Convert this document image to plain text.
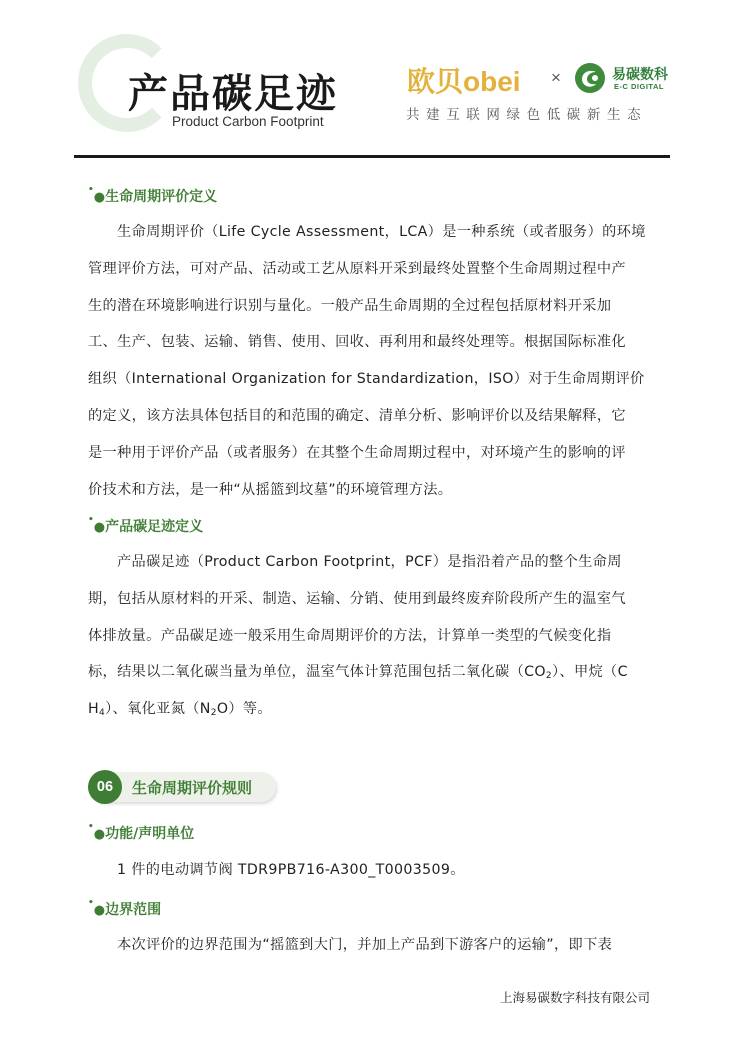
产品碳足迹
Product Carbon Footprint
欧贝obei ×	易碳数科
E-C DIGITAL
共建互联网绿色低碳新生态
•●生命周期评价定义
生命周期评价（Life Cycle Assessment，LCA）是一种系统（或者服务）的环境
管理评价方法，可对产品、活动或工艺从原料开采到最终处置整个生命周期过程中产
生的潜在环境影响进行识别与量化。一般产品生命周期的全过程包括原材料开采加
工、生产、包装、运输、销售、使用、回收、再利用和最终处理等。根据国际标准化
组织（International Organization for Standardization，ISO）对于生命周期评价
的定义，该方法具体包括目的和范围的确定、清单分析、影响评价以及结果解释，它
是一种用于评价产品（或者服务）在其整个生命周期过程中，对环境产生的影响的评
价技术和方法，是一种“从摇篮到坟墓”的环境管理方法。
•●产品碳足迹定义
产品碳足迹（Product Carbon Footprint，PCF）是指沿着产品的整个生命周
期，包括从原材料的开采、制造、运输、分销、使用到最终废弃阶段所产生的温室气
体排放量。产品碳足迹一般采用生命周期评价的方法，计算单一类型的气候变化指
标，结果以二氧化碳当量为单位，温室气体计算范围包括二氧化碳$(CO_2)$、甲烷（C
$H_4$）、氧化亚氮$(N_2O)$等。
06	生命周期评价规则
•●功能/声明单位
1 件的电动调节阀 TDR9PB716-A300_T0003509。
•●边界范围
本次评价的边界范围为“摇篮到大门，并加上产品到下游客户的运输”，即下表
上海易碳数字科技有限公司
